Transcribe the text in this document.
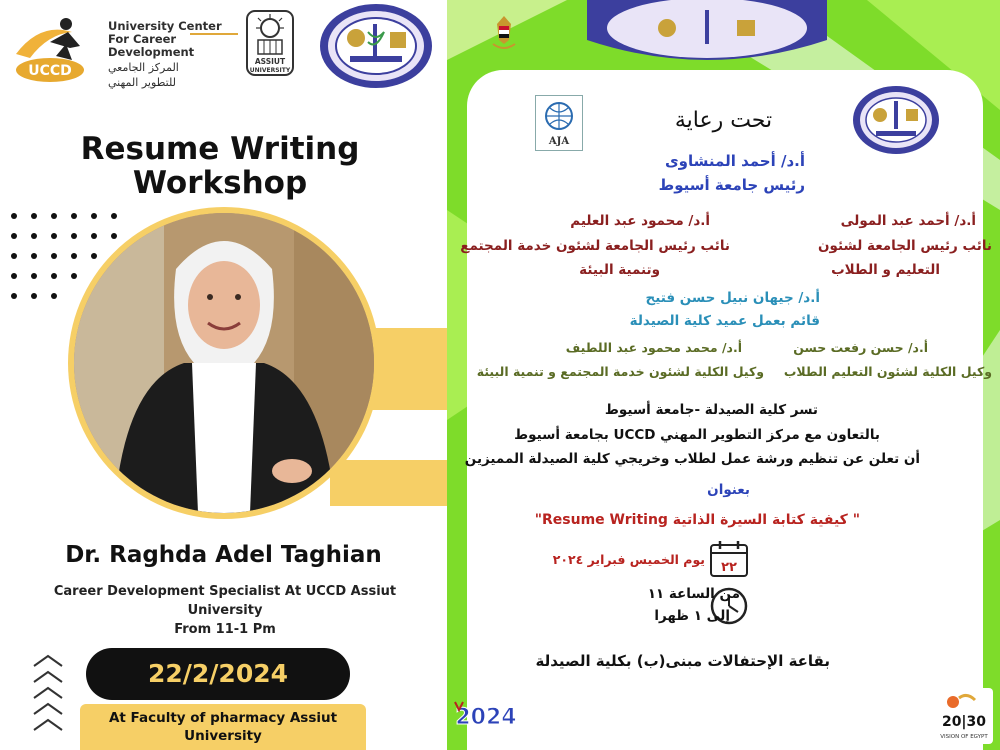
UCCD
University Center
For Career Development
المركز الجامعي
للتطوير المهني
ASSIUT
UNIVERSITY
Resume Writing
Workshop
Dr. Raghda Adel Taghian
Career Development Specialist At UCCD Assiut
University
From 11-1 Pm
22/2/2024
At Faculty of pharmacy Assiut
University
AJA
تحت رعاية
أ.د/ أحمد المنشاوى
رئيس جامعة أسيوط
أ.د/ أحمد عبد المولى
نائب رئيس الجامعة لشئون
التعليم و الطلاب
أ.د/ محمود عبد العليم
نائب رئيس الجامعة لشئون خدمة المجتمع
وتنمية البيئة
أ.د/ جيهان نبيل حسن فتيح
قائم بعمل عميد كلية الصيدلة
أ.د/ حسن رفعت حسن
وكيل الكلية لشئون التعليم الطلاب
أ.د/ محمد محمود عبد اللطيف
وكيل الكلية لشئون خدمة المجتمع و تنمية البيئة
تسر كلية الصيدلة -جامعة أسيوط
بالتعاون مع مركز التطوير المهني UCCD بجامعة أسيوط
أن تعلن عن تنظيم ورشة عمل لطلاب وخريجي كلية الصيدلة المميزين
بعنوان
" كيفية كتابة السيرة الذاتية Resume Writing"
٢٢
يوم الخميس فبراير ٢٠٢٤
من الساعة ١١
إلى ١ ظهرا
بقاعة الإحتفالات مبنى(ب) بكلية الصيدلة
2024	20|30
VISION OF EGYPT
